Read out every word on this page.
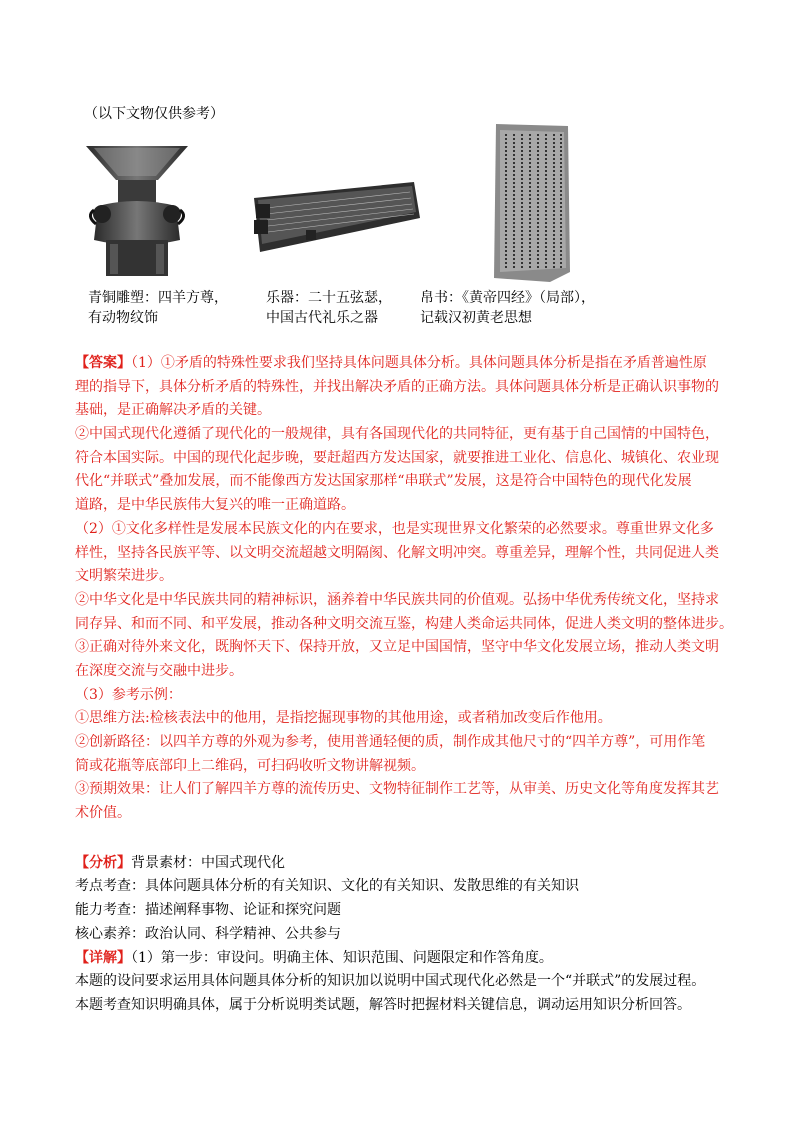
（以下文物仅供参考）
青铜雕塑：四羊方尊，
有动物纹饰
乐器：二十五弦瑟，
中国古代礼乐之器
帛书：《黄帝四经》（局部），
记载汉初黄老思想
【答案】（1）①矛盾的特殊性要求我们坚持具体问题具体分析。具体问题具体分析是指在矛盾普遍性原
理的指导下，具体分析矛盾的特殊性，并找出解决矛盾的正确方法。具体问题具体分析是正确认识事物的
基础，是正确解决矛盾的关键。
②中国式现代化遵循了现代化的一般规律，具有各国现代化的共同特征，更有基于自己国情的中国特色，
符合本国实际。中国的现代化起步晚，要赶超西方发达国家，就要推进工业化、信息化、城镇化、农业现
代化“并联式”叠加发展，而不能像西方发达国家那样“串联式”发展，这是符合中国特色的现代化发展
道路，是中华民族伟大复兴的唯一正确道路。
（2）①文化多样性是发展本民族文化的内在要求，也是实现世界文化繁荣的必然要求。尊重世界文化多
样性，坚持各民族平等、以文明交流超越文明隔阂、化解文明冲突。尊重差异，理解个性，共同促进人类
文明繁荣进步。
②中华文化是中华民族共同的精神标识，涵养着中华民族共同的价值观。弘扬中华优秀传统文化，坚持求
同存异、和而不同、和平发展，推动各种文明交流互鉴，构建人类命运共同体，促进人类文明的整体进步。
③正确对待外来文化，既胸怀天下、保持开放，又立足中国国情，坚守中华文化发展立场，推动人类文明
在深度交流与交融中进步。
（3）参考示例：
①思维方法:检核表法中的他用，是指挖掘现事物的其他用途，或者稍加改变后作他用。
②创新路径：以四羊方尊的外观为参考，使用普通轻便的质，制作成其他尺寸的“四羊方尊”，可用作笔
筒或花瓶等底部印上二维码，可扫码收听文物讲解视频。
③预期效果：让人们了解四羊方尊的流传历史、文物特征制作工艺等，从审美、历史文化等角度发挥其艺
术价值。
【分析】背景素材：中国式现代化
考点考查：具体问题具体分析的有关知识、文化的有关知识、发散思维的有关知识
能力考查：描述阐释事物、论证和探究问题
核心素养：政治认同、科学精神、公共参与
【详解】（1）第一步：审设问。明确主体、知识范围、问题限定和作答角度。
本题的设问要求运用具体问题具体分析的知识加以说明中国式现代化必然是一个“并联式”的发展过程。
本题考查知识明确具体，属于分析说明类试题，解答时把握材料关键信息，调动运用知识分析回答。
